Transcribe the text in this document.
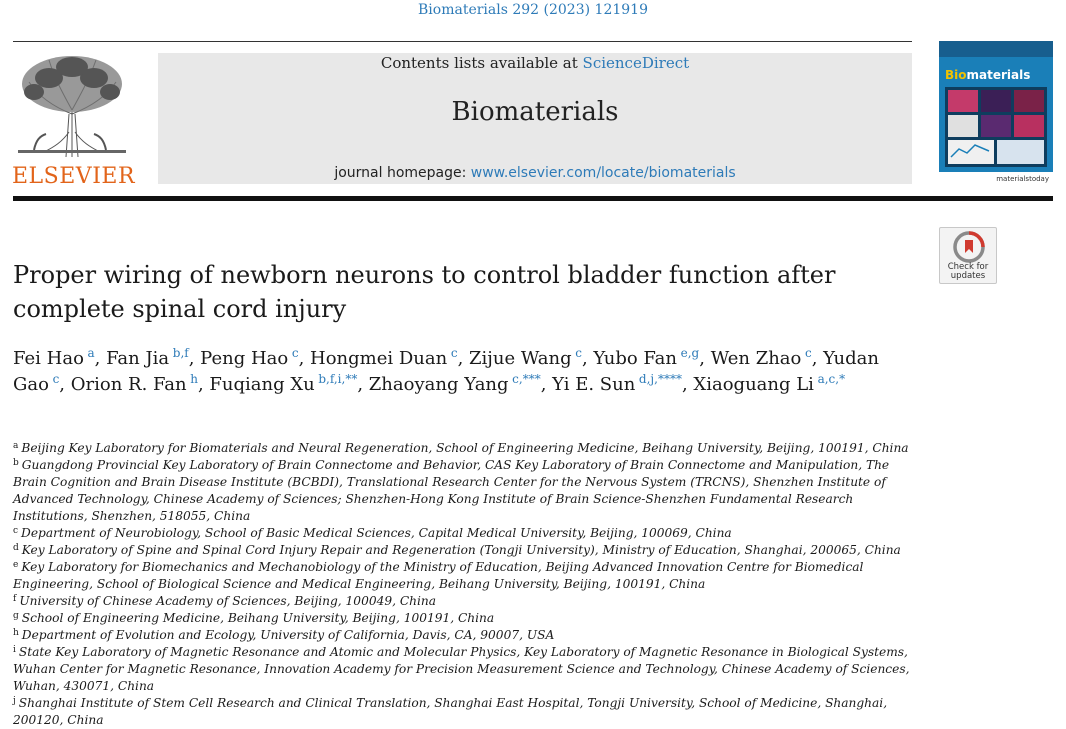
Biomaterials 292 (2023) 121919
ELSEVIER
Contents lists available at ScienceDirect
Biomaterials
journal homepage: www.elsevier.com/locate/biomaterials
Biomaterials
materialstoday
Check for
updates
Proper wiring of newborn neurons to control bladder function after complete spinal cord injury
Fei Hao  $^a$, Fan Jia  $^{b,f}$, Peng Hao  $^c$, Hongmei Duan  $^c$, Zijue Wang  $^c$, Yubo Fan  $^{e,g}$, Wen Zhao  $^c$, Yudan Gao  $^c$, Orion R. Fan  $^h$, Fuqiang Xu  $^{b,f,i,**}$, Zhaoyang Yang  $^{c,***}$, Yi E. Sun  $^{d,j,****}$, Xiaoguang Li  $^{a,c,*}$
$^a$ Beijing Key Laboratory for Biomaterials and Neural Regeneration, School of Engineering Medicine, Beihang University, Beijing, 100191, China
$^b$ Guangdong Provincial Key Laboratory of Brain Connectome and Behavior, CAS Key Laboratory of Brain Connectome and Manipulation, The Brain Cognition and Brain Disease Institute (BCBDI), Translational Research Center for the Nervous System (TRCNS), Shenzhen Institute of Advanced Technology, Chinese Academy of Sciences; Shenzhen-Hong Kong Institute of Brain Science-Shenzhen Fundamental Research Institutions, Shenzhen, 518055, China
$^c$ Department of Neurobiology, School of Basic Medical Sciences, Capital Medical University, Beijing, 100069, China
$^d$ Key Laboratory of Spine and Spinal Cord Injury Repair and Regeneration (Tongji University), Ministry of Education, Shanghai, 200065, China
$^e$ Key Laboratory for Biomechanics and Mechanobiology of the Ministry of Education, Beijing Advanced Innovation Centre for Biomedical Engineering, School of Biological Science and Medical Engineering, Beihang University, Beijing, 100191, China
$^f$ University of Chinese Academy of Sciences, Beijing, 100049, China
$^g$ School of Engineering Medicine, Beihang University, Beijing, 100191, China
$^h$ Department of Evolution and Ecology, University of California, Davis, CA, 90007, USA
$^i$ State Key Laboratory of Magnetic Resonance and Atomic and Molecular Physics, Key Laboratory of Magnetic Resonance in Biological Systems, Wuhan Center for Magnetic Resonance, Innovation Academy for Precision Measurement Science and Technology, Chinese Academy of Sciences, Wuhan, 430071, China
$^j$ Shanghai Institute of Stem Cell Research and Clinical Translation, Shanghai East Hospital, Tongji University, School of Medicine, Shanghai, 200120, China
